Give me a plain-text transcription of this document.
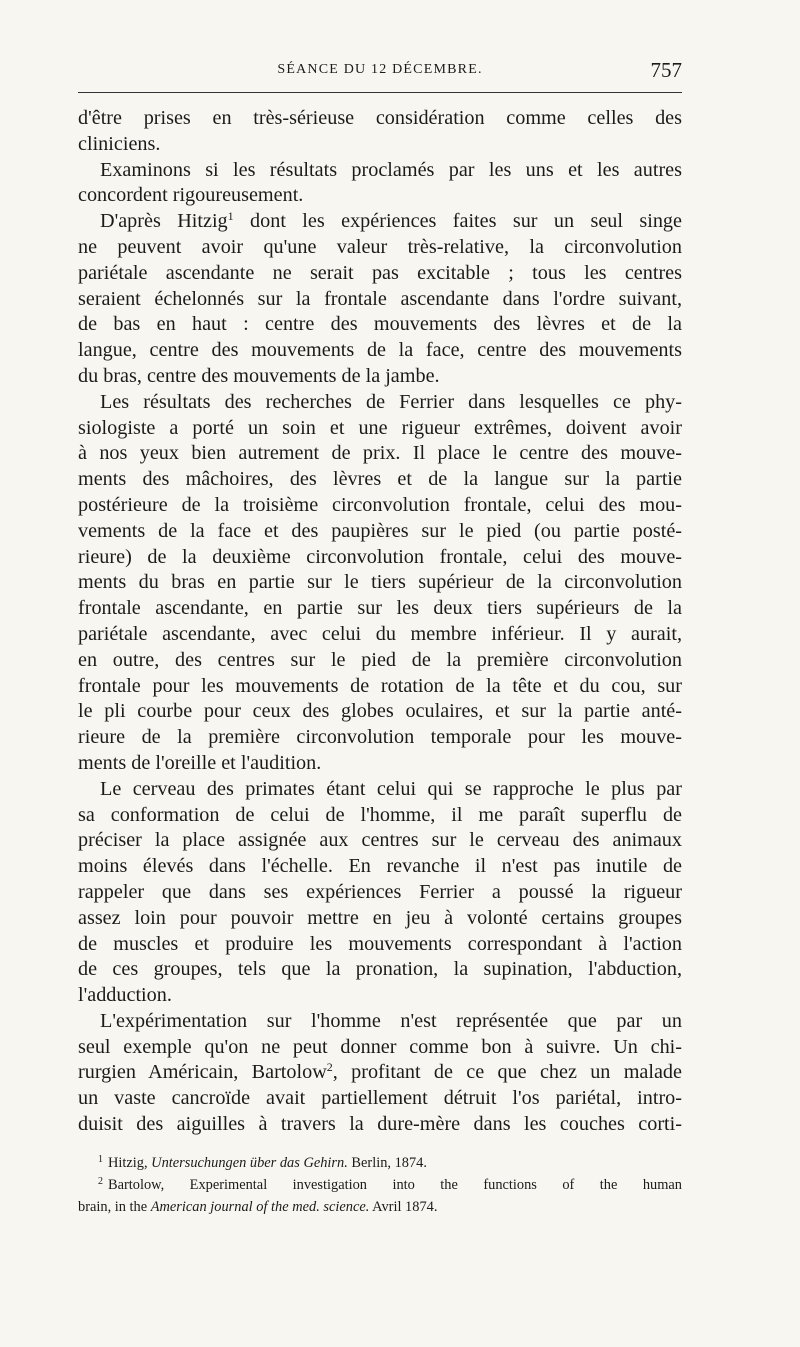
SÉANCE DU 12 DÉCEMBRE.	757
d'être prises en très-sérieuse considération comme celles des
cliniciens.
Examinons si les résultats proclamés par les uns et les autres
concordent rigoureusement.
D'après Hitzig$^1$ dont les expériences faites sur un seul singe
ne peuvent avoir qu'une valeur très-relative, la circonvolution
pariétale ascendante ne serait pas excitable ; tous les centres
seraient échelonnés sur la frontale ascendante dans l'ordre suivant,
de bas en haut : centre des mouvements des lèvres et de la
langue, centre des mouvements de la face, centre des mouvements
du bras, centre des mouvements de la jambe.
Les résultats des recherches de Ferrier dans lesquelles ce phy-
siologiste a porté un soin et une rigueur extrêmes, doivent avoir
à nos yeux bien autrement de prix. Il place le centre des mouve-
ments des mâchoires, des lèvres et de la langue sur la partie
postérieure de la troisième circonvolution frontale, celui des mou-
vements de la face et des paupières sur le pied (ou partie posté-
rieure) de la deuxième circonvolution frontale, celui des mouve-
ments du bras en partie sur le tiers supérieur de la circonvolution
frontale ascendante, en partie sur les deux tiers supérieurs de la
pariétale ascendante, avec celui du membre inférieur. Il y aurait,
en outre, des centres sur le pied de la première circonvolution
frontale pour les mouvements de rotation de la tête et du cou, sur
le pli courbe pour ceux des globes oculaires, et sur la partie anté-
rieure de la première circonvolution temporale pour les mouve-
ments de l'oreille et l'audition.
Le cerveau des primates étant celui qui se rapproche le plus par
sa conformation de celui de l'homme, il me paraît superflu de
préciser la place assignée aux centres sur le cerveau des animaux
moins élevés dans l'échelle. En revanche il n'est pas inutile de
rappeler que dans ses expériences Ferrier a poussé la rigueur
assez loin pour pouvoir mettre en jeu à volonté certains groupes
de muscles et produire les mouvements correspondant à l'action
de ces groupes, tels que la pronation, la supination, l'abduction,
l'adduction.
L'expérimentation sur l'homme n'est représentée que par un
seul exemple qu'on ne peut donner comme bon à suivre. Un chi-
rurgien Américain, Bartolow$^2$, profitant de ce que chez un malade
un vaste cancroïde avait partiellement détruit l'os pariétal, intro-
duisit des aiguilles à travers la dure-mère dans les couches corti-
$^1$ Hitzig, Untersuchungen über das Gehirn. Berlin, 1874.
$^2$ Bartolow, Experimental investigation into the functions of the human
brain, in the American journal of the med. science. Avril 1874.
